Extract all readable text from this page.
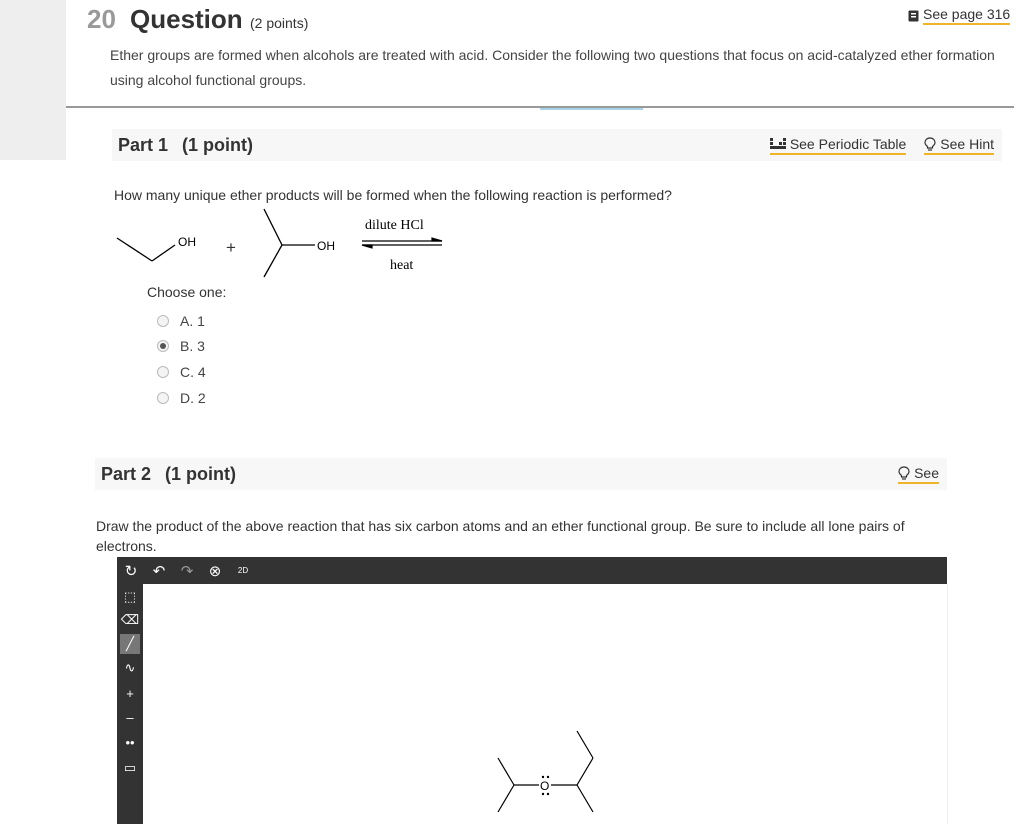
20 Question (2 points)
See page 316
Ether groups are formed when alcohols are treated with acid. Consider the following two questions that focus on acid-catalyzed ether formation using alcohol functional groups.
Part 1 (1 point)	See Periodic Table See Hint
How many unique ether products will be formed when the following reaction is performed?
OH +	OH
dilute HCl
heat
Choose one:
A. 1
B. 3
C. 4
D. 2
Part 2 (1 point)	See
Draw the product of the above reaction that has six carbon atoms and an ether functional group. Be sure to include all lone pairs of electrons.
↻ ↶ ↷ ⊗	2D
⬚
⌫
╱
∿
+
–
••
▭
O
